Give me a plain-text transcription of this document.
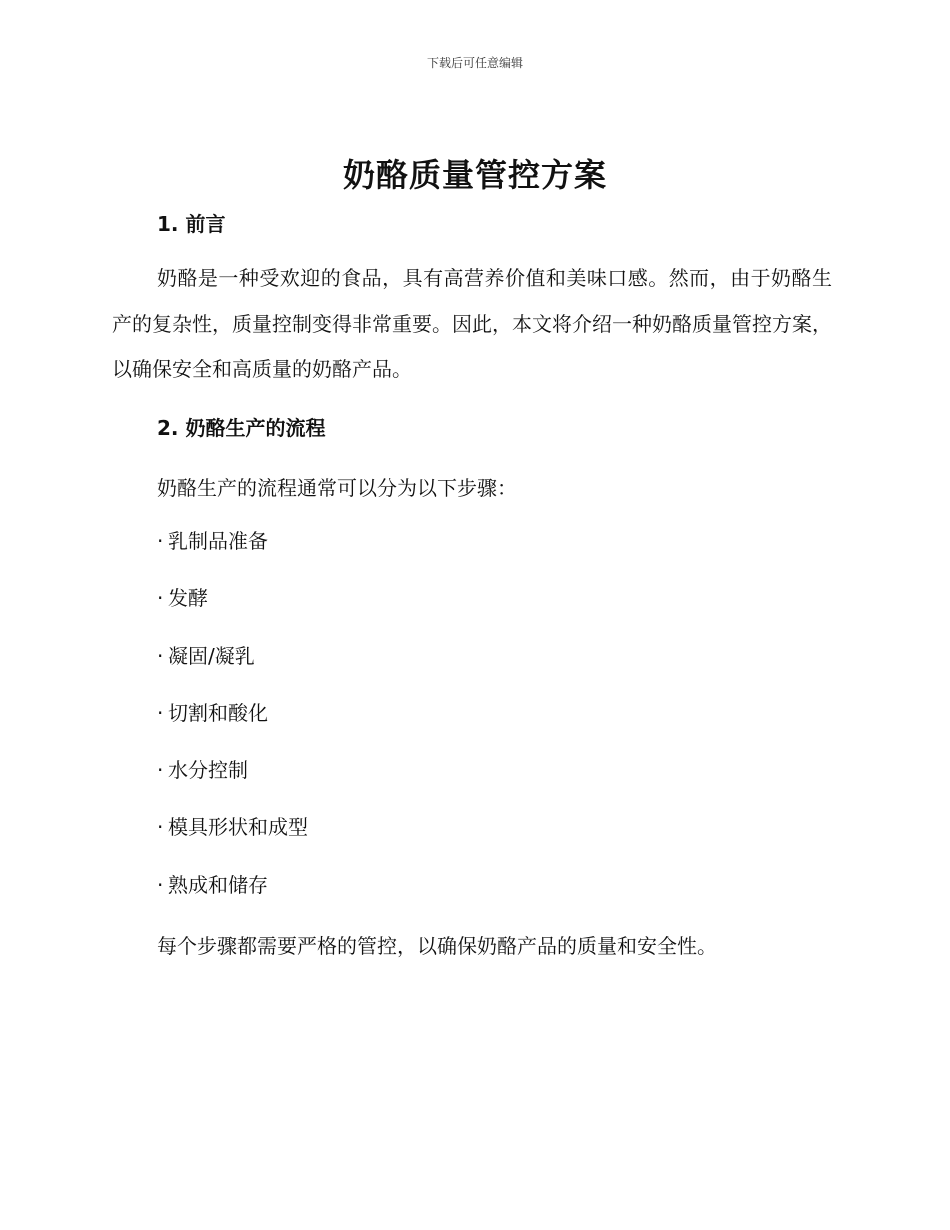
下载后可任意编辑
奶酪质量管控方案
1. 前言

奶酪是一种受欢迎的食品，具有高营养价值和美味口感。然而，由于奶酪生产的复杂性，质量控制变得非常重要。因此，本文将介绍一种奶酪质量管控方案，以确保安全和高质量的奶酪产品。

2. 奶酪生产的流程

奶酪生产的流程通常可以分为以下步骤：

· 乳制品准备
· 发酵
· 凝固/凝乳
· 切割和酸化
· 水分控制
· 模具形状和成型
· 熟成和储存

每个步骤都需要严格的管控，以确保奶酪产品的质量和安全性。
